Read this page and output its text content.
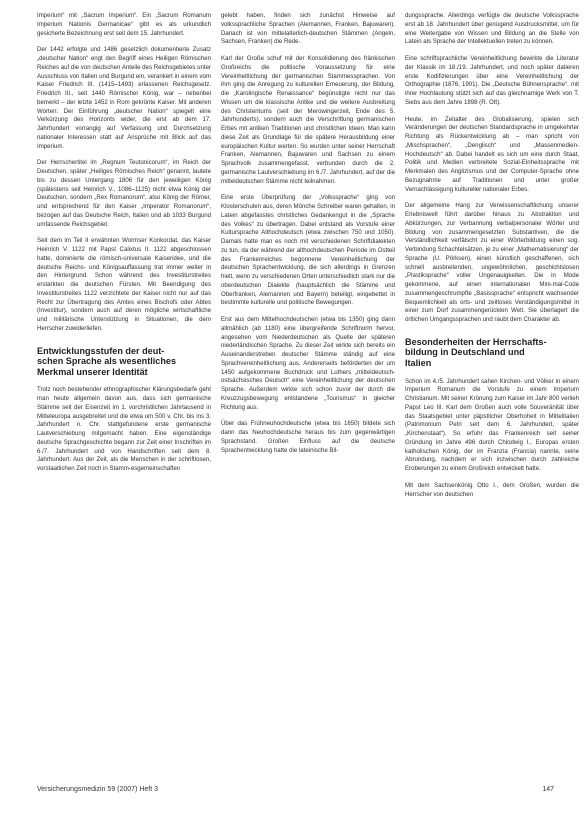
Imperium“ mit „Sacrum Imperium“. Ein „Sacrum Romanum Imperium Nationis Germanicae“ gibt es als urkundlich gesicherte Bezeichnung erst seit dem 15. Jahrhundert.

Der 1442 erfolgte und 1486 gesetzlich dokumentierte Zusatz „deutscher Nation“ engt den Begriff eines Heiligen Römischen Reiches auf die von deutschen Anteile des Reichsgebietes unter Ausschluss von Italien und Burgund ein, verankert in einem vom Kaiser Friedrich III. (1415–1493) erlassenen Reichsgesetz. Friedrich III., seit 1440 Römischer König, war – nebenbei bemerkt – der letzte 1452 in Rom gekrönte Kaiser. Mit anderen Worten: Der Einführung „deutscher Nation“ spiegelt eine Verkürzung des Horizonts wider, die erst ab dem 17. Jahrhundert vorrangig auf Verfassung und Durchsetzung nationaler Interessen statt auf Ansprüche mit Blick auf das Imperium.

Der Herrschertitel im „Regnum Teutonicorum“, im Reich der Deutschen, später „Heiliges Römisches Reich“ genannt, lautete bis zu dessen Untergang 1806 für den jeweiligen König (spätestens seit Heinrich V., 1086–1125) nicht etwa König der Deutschen, sondern „Rex Romanorum“, also König der Römer, und entsprechend für den Kaiser „Imperator Romanorum“, bezogen auf das Deutsche Reich, Italien und ab 1033 Burgund umfassende Reichsgebiet.

Seit dem im Teil II erwähnten Wormser Konkordat, das Kaiser Heinrich V. 1122 mit Papst Calixtus II. 1122 abgeschlossen hatte, dominierte die römisch-universale Kaiseridee, und die deutsche Reichs- und Königsauffassung trat immer weiter in den Hintergrund. Schon während des Investiturstreites erstarkten die deutschen Fürsten. Mit Beendigung des Investiturstreites 1122 verzichtete der Kaiser nicht nur auf das Recht zur Übertragung des Amtes eines Bischofs oder Abtes (Investitur), sondern auch auf deren mögliche wirtschaftliche und militärische Unterstützung in Situationen, die dem Herrscher zuwiderliefen.

Entwicklungsstufen der deut-
schen Sprache als wesentliches
Merkmal unserer Identität

Trotz noch bestehender ethnographischer Klärungsbedarfe geht man heute allgemein davon aus, dass sich germanische Stämme seit der Eisenzeit im 1. vorchristlichen Jahrtausend in Mitteleuropa ausgebreitet und die etwa um 500 v. Chr. bis ins 3. Jahrhundert n. Chr. stattgefundene erste germanische Lautverschiebung mitgemacht haben. Eine eigenständige deutsche Sprachgeschichte begann zur Zeit einer Inschriften im 6./7. Jahrhundert und von Handschriften seit dem 8. Jahrhundert. Aus der Zeit, als die Menschen in der schriftlosen, vorstaatlichen Zeit noch in Stamm-esgemeinschaften

gelebt haben, finden sich zunächst Hinweise auf volkssprachliche Sprachen (Alemannen, Franken, Bajuwaren). Danach ist von mittelalterlich-deutschen Stämmen (Angeln, Sachsen, Franken) die Rede.

Karl der Große schuf mit der Konsolidierung des fränkischen Großreichs die politische Voraussetzung für eine Vereinheitlichung der germanischen Stammessprachen. Von ihm ging die Anregung zu kulturellen Erneuerung, der Bildung, die „Karolingische Renaissance“ begünstigte nicht nur das Wissen um die klassische Antike und die weitere Ausbreitung des Christentums (seit der Merowingerzeit, Ende des 5. Jahrhunderts), sondern auch die Verschriftung germanischen Erbes mit antiken Traditionen und christlichen Ideen. Man kann diese Zeit als Grundlage für die spätere Herausbildung einer europäischen Kultur werten. So wurden unter seiner Herrschaft Franken, Alemannen, Bajuwaren und Sachsen zu einem Sprachvolk zusammengefasst, verbunden durch die 2. germanische Lautverschiebung im 6./7. Jahrhundert, auf der die mitteldeutschen Stämme nicht teilnahmen.

Eine erste Überprüfung der „Volkssprache“ ging von Klosterschulen aus, deren Mönche Schreiber waren gehalten, in Latein abgefasstes christliches Gedankengut in die „Sprache des Volkes“ zu übertragen. Dabei entstand als Vorstufe einer Kultursprache Althochdeutsch (etwa zwischen 750 und 1050). Damals hatte man es noch mit verschiedenen Schriftdialekten zu tun, da der während der althochdeutschen Periode im Ostteil des Frankenreiches begonnene Vereinheitlichung der deutschen Sprachentwicklung, die sich allerdings in Grenzen hielt, wenn zu verschiedenen Orten unterschiedlich stark nur die oberdeutschen Dialekte (hauptsächlich die Stämme und Oberfranken, Alemannen und Bayern) beteiligt, eingebettet in bestimmte kulturelle und politische Bewegungen.

Erst aus dem Mittelhochdeutschen (etwa bis 1350) ging dann allmählich (ab 1180) eine übergreifende Schriftnorm hervor, angesehen vom Niederdeutschen als Quelle der späteren niederländischen Sprache. Zu dieser Zeit wirkte sich bereits ein Auseinanderstreben deutscher Stämme ständig auf eine Sprachvereinheitlichung aus. Andererseits beförderten der um 1450 aufgekommene Buchdruck und Luthers „mitteldeutsch-ostsächsisches Deutsch“ eine Vereinheitlichung der deutschen Sprache. Außerdem wirkte sich schon zuvor der durch die Kreuzzugsbewegung entstandene „Tourismus“ in gleicher Richtung aus.

Über das Frühneuhochdeutsche (etwa bis 1650) bildete sich dann das Neuhochdeutsche heraus bis zum gegenwärtigen Sprachstand. Großen Einfluss auf die deutsche Sprachentwicklung hatte die lateinische Bil-

dungssprache. Allerdings verfügte die deutsche Volkssprache erst ab 18. Jahrhundert über genügend Ausdrucksmittel, um für eine Weitergabe von Wissen und Bildung an die Stelle von Latein als Sprache der Intellektuellen treten zu können.

Eine schriftsprachliche Vereinheitlichung bewirkte die Literatur der Klassik im 18./19. Jahrhundert, und noch später datieren erste Kodifizierungen über eine Vereinheitlichung der Orthographie (1876, 1901). Die „Deutsche Bühnensprache“, mit ihrer Hochlautung stützt sich auf das gleichnamige Werk von T. Siebs aus dem Jahre 1898 (R. Ott).

Heute, im Zeitalter des Globalisierung, spielen sich Veränderungen der deutschen Standardsprache in umgekehrter Richtung als Rückentwicklung ab – man spricht von „Mischsprachen“, „Denglisch“ und „Massenmedien-Hochdeutsch“ ab. Dabei handelt es sich um eine durch Staat, Politik und Medien verbreitete Sozial-Einheitssprache mit Merkmalen des Anglizismus und der Computer-Sprache ohne Bezugnahme auf Traditionen und unter großer Vernachlässigung kultureller nationaler Erbes.

Der allgemeine Hang zur Verwissenschaftlichung unserer Erlebniswelt führt darüber hinaus zu Abstraktion und Abkürzungen, zur Verbannung verbalpersonaler Wörter und Bildung von zusammengesetzten Substantiven, die die Verständlichkeit verfälscht zu einer Wörterbildung einen sog. Verbindung Schachtelsätzen, je zu einer „Mathematisierung“ der Sprache (U. Pörksen), einen künstlich geschaffenen, sich schnell ausbreitenden, ungewöhnlichen, geschichtslosen „Plastiksprache“ voller Ungenauigkeiten. Die in Mode gekommene, auf einen internationalen Mini-mal-Code zusammengeschrumpfte „Basissprache“ entspricht wachsender Bequemlichkeit als orts- und zeitloses Verständigungsmittel in einer zum Dorf zusammengerückten Welt. Sie überlagert die örtlichen Umgangssprachen und raubt dem Charakter ab.

Besonderheiten der Herrschafts-
bildung in Deutschland und
Italien

Schon im 4./5. Jahrhundert sahen Kirchen- und Völker in einem Imperium Romanum die Vorstufe zu einem Imperium Christianum. Mit seiner Krönung zum Kaiser im Jahr 800 verlieh Papst Leo III. Karl dem Großen auch volle Souveränität über das Staatsgebiet unter päpstlicher Oberhoheit in Mittelitalien (Patrimonium Petri seit dem 6. Jahrhundert, später „Kirchenstaat“). So erfuhr das Frankenreich seit seiner Gründung im Jahre 496 durch Chlodwig I., Europas ersten katholischen König, der im Franzia (Francia) nannte, seine Abrundung, nachdem er sich inzwischen durch zahlreiche Eroberungen zu einem Großreich entwickelt hatte.

Mit dem Sachsenkönig Otto I., dem Großen, wurden die Herrscher von deutschen

Versicherungsmedizin 59 (2007) Heft 3	147
